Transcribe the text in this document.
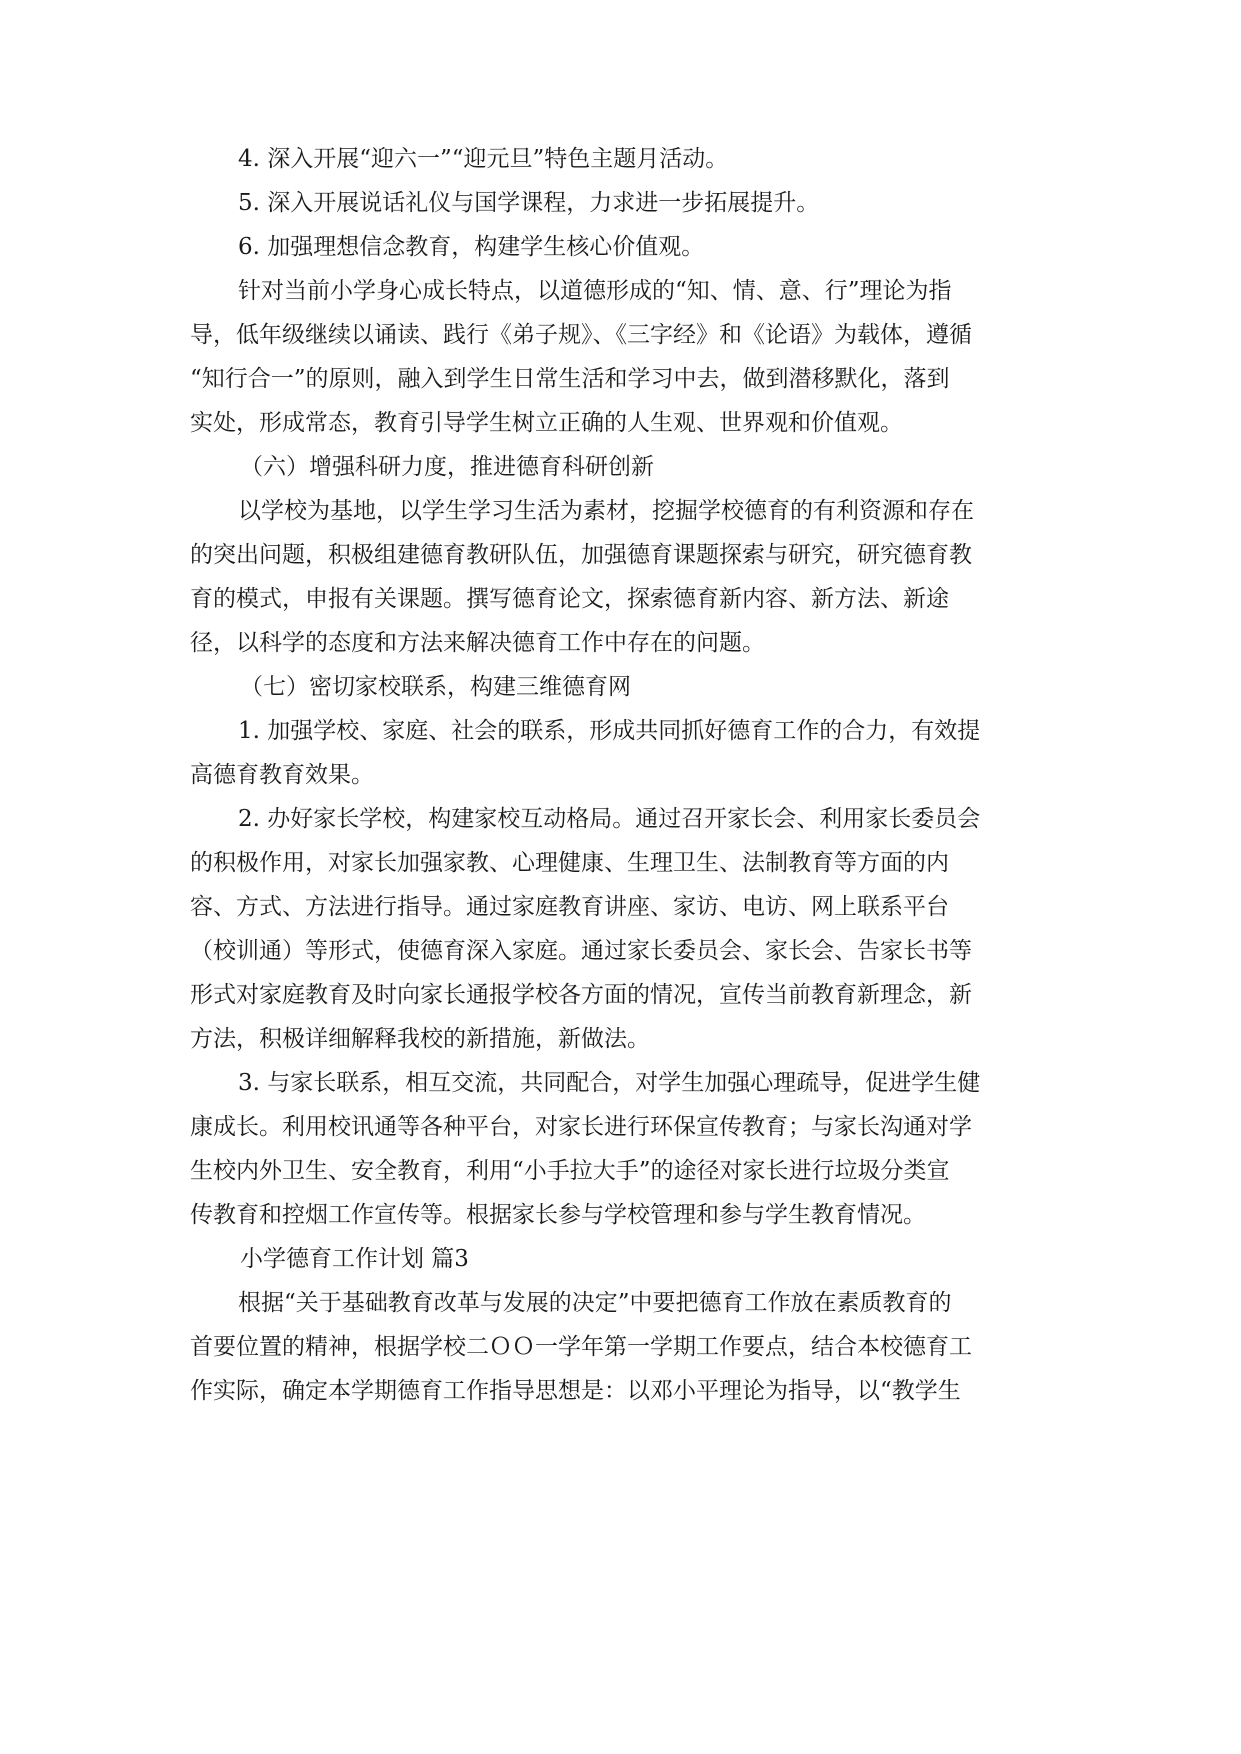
4. 深入开展“迎六一”“迎元旦”特色主题月活动。
5. 深入开展说话礼仪与国学课程，力求进一步拓展提升。
6. 加强理想信念教育，构建学生核心价值观。
针对当前小学身心成长特点，以道德形成的“知、情、意、行”理论为指
导，低年级继续以诵读、践行《弟子规》、《三字经》和《论语》为载体，遵循
“知行合一”的原则，融入到学生日常生活和学习中去，做到潜移默化，落到
实处，形成常态，教育引导学生树立正确的人生观、世界观和价值观。
（六）增强科研力度，推进德育科研创新
以学校为基地，以学生学习生活为素材，挖掘学校德育的有利资源和存在
的突出问题，积极组建德育教研队伍，加强德育课题探索与研究，研究德育教
育的模式，申报有关课题。撰写德育论文，探索德育新内容、新方法、新途
径，以科学的态度和方法来解决德育工作中存在的问题。
（七）密切家校联系，构建三维德育网
1. 加强学校、家庭、社会的联系，形成共同抓好德育工作的合力，有效提
高德育教育效果。
2. 办好家长学校，构建家校互动格局。通过召开家长会、利用家长委员会
的积极作用，对家长加强家教、心理健康、生理卫生、法制教育等方面的内
容、方式、方法进行指导。通过家庭教育讲座、家访、电访、网上联系平台
（校训通）等形式，使德育深入家庭。通过家长委员会、家长会、告家长书等
形式对家庭教育及时向家长通报学校各方面的情况，宣传当前教育新理念，新
方法，积极详细解释我校的新措施，新做法。
3. 与家长联系，相互交流，共同配合，对学生加强心理疏导，促进学生健
康成长。利用校讯通等各种平台，对家长进行环保宣传教育；与家长沟通对学
生校内外卫生、安全教育，利用“小手拉大手”的途径对家长进行垃圾分类宣
传教育和控烟工作宣传等。根据家长参与学校管理和参与学生教育情况。
小学德育工作计划 篇3
根据“关于基础教育改革与发展的决定”中要把德育工作放在素质教育的
首要位置的精神，根据学校二ＯＯ一学年第一学期工作要点，结合本校德育工
作实际，确定本学期德育工作指导思想是：以邓小平理论为指导，以“教学生
